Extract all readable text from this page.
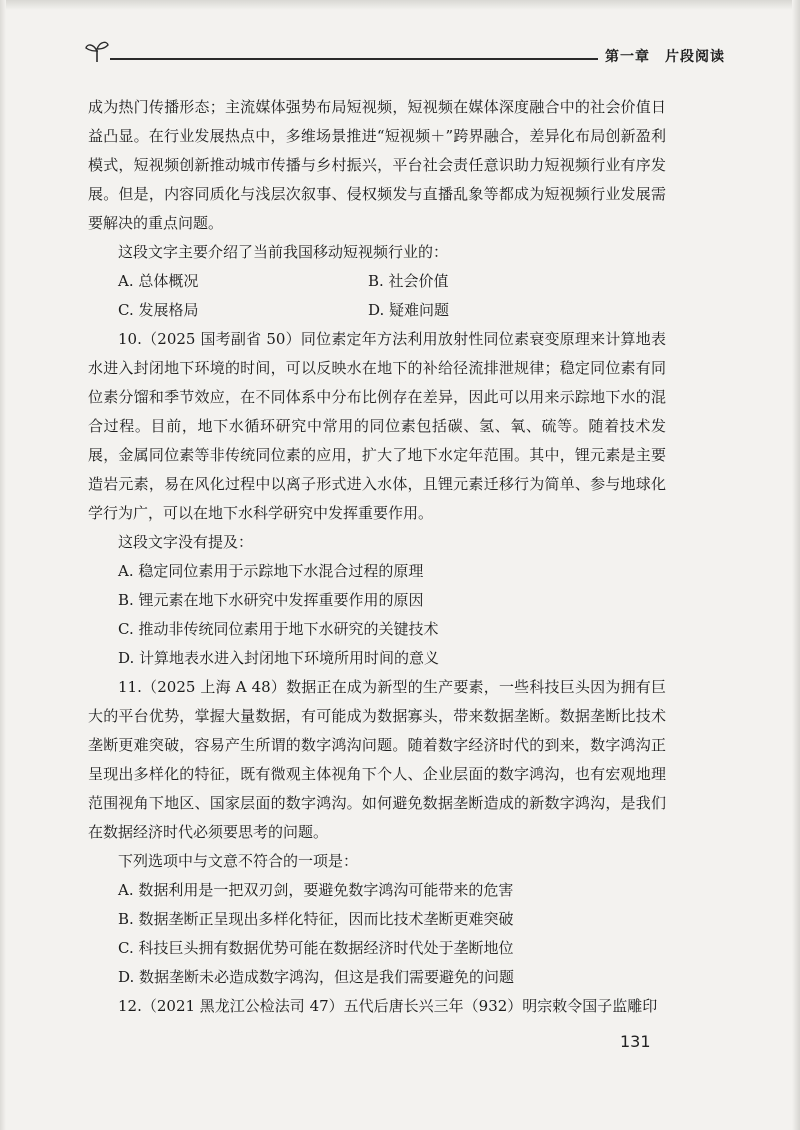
第一章　片段阅读

成为热门传播形态；主流媒体强势布局短视频，短视频在媒体深度融合中的社会价值日益凸显。在行业发展热点中，多维场景推进“短视频＋”跨界融合，差异化布局创新盈利模式，短视频创新推动城市传播与乡村振兴，平台社会责任意识助力短视频行业有序发展。但是，内容同质化与浅层次叙事、侵权频发与直播乱象等都成为短视频行业发展需要解决的重点问题。

这段文字主要介绍了当前我国移动短视频行业的：

A. 总体概况	B. 社会价值
C. 发展格局	D. 疑难问题

10.（2025 国考副省 50）同位素定年方法利用放射性同位素衰变原理来计算地表水进入封闭地下环境的时间，可以反映水在地下的补给径流排泄规律；稳定同位素有同位素分馏和季节效应，在不同体系中分布比例存在差异，因此可以用来示踪地下水的混合过程。目前，地下水循环研究中常用的同位素包括碳、氢、氧、硫等。随着技术发展，金属同位素等非传统同位素的应用，扩大了地下水定年范围。其中，锂元素是主要造岩元素，易在风化过程中以离子形式进入水体，且锂元素迁移行为简单、参与地球化学行为广，可以在地下水科学研究中发挥重要作用。

这段文字没有提及：

A. 稳定同位素用于示踪地下水混合过程的原理

B. 锂元素在地下水研究中发挥重要作用的原因

C. 推动非传统同位素用于地下水研究的关键技术

D. 计算地表水进入封闭地下环境所用时间的意义

11.（2025 上海 A 48）数据正在成为新型的生产要素，一些科技巨头因为拥有巨大的平台优势，掌握大量数据，有可能成为数据寡头，带来数据垄断。数据垄断比技术垄断更难突破，容易产生所谓的数字鸿沟问题。随着数字经济时代的到来，数字鸿沟正呈现出多样化的特征，既有微观主体视角下个人、企业层面的数字鸿沟，也有宏观地理范围视角下地区、国家层面的数字鸿沟。如何避免数据垄断造成的新数字鸿沟，是我们在数据经济时代必须要思考的问题。

下列选项中与文意不符合的一项是：

A. 数据利用是一把双刃剑，要避免数字鸿沟可能带来的危害

B. 数据垄断正呈现出多样化特征，因而比技术垄断更难突破

C. 科技巨头拥有数据优势可能在数据经济时代处于垄断地位

D. 数据垄断未必造成数字鸿沟，但这是我们需要避免的问题

12.（2021 黑龙江公检法司 47）五代后唐长兴三年（932）明宗敕令国子监雕印

131
